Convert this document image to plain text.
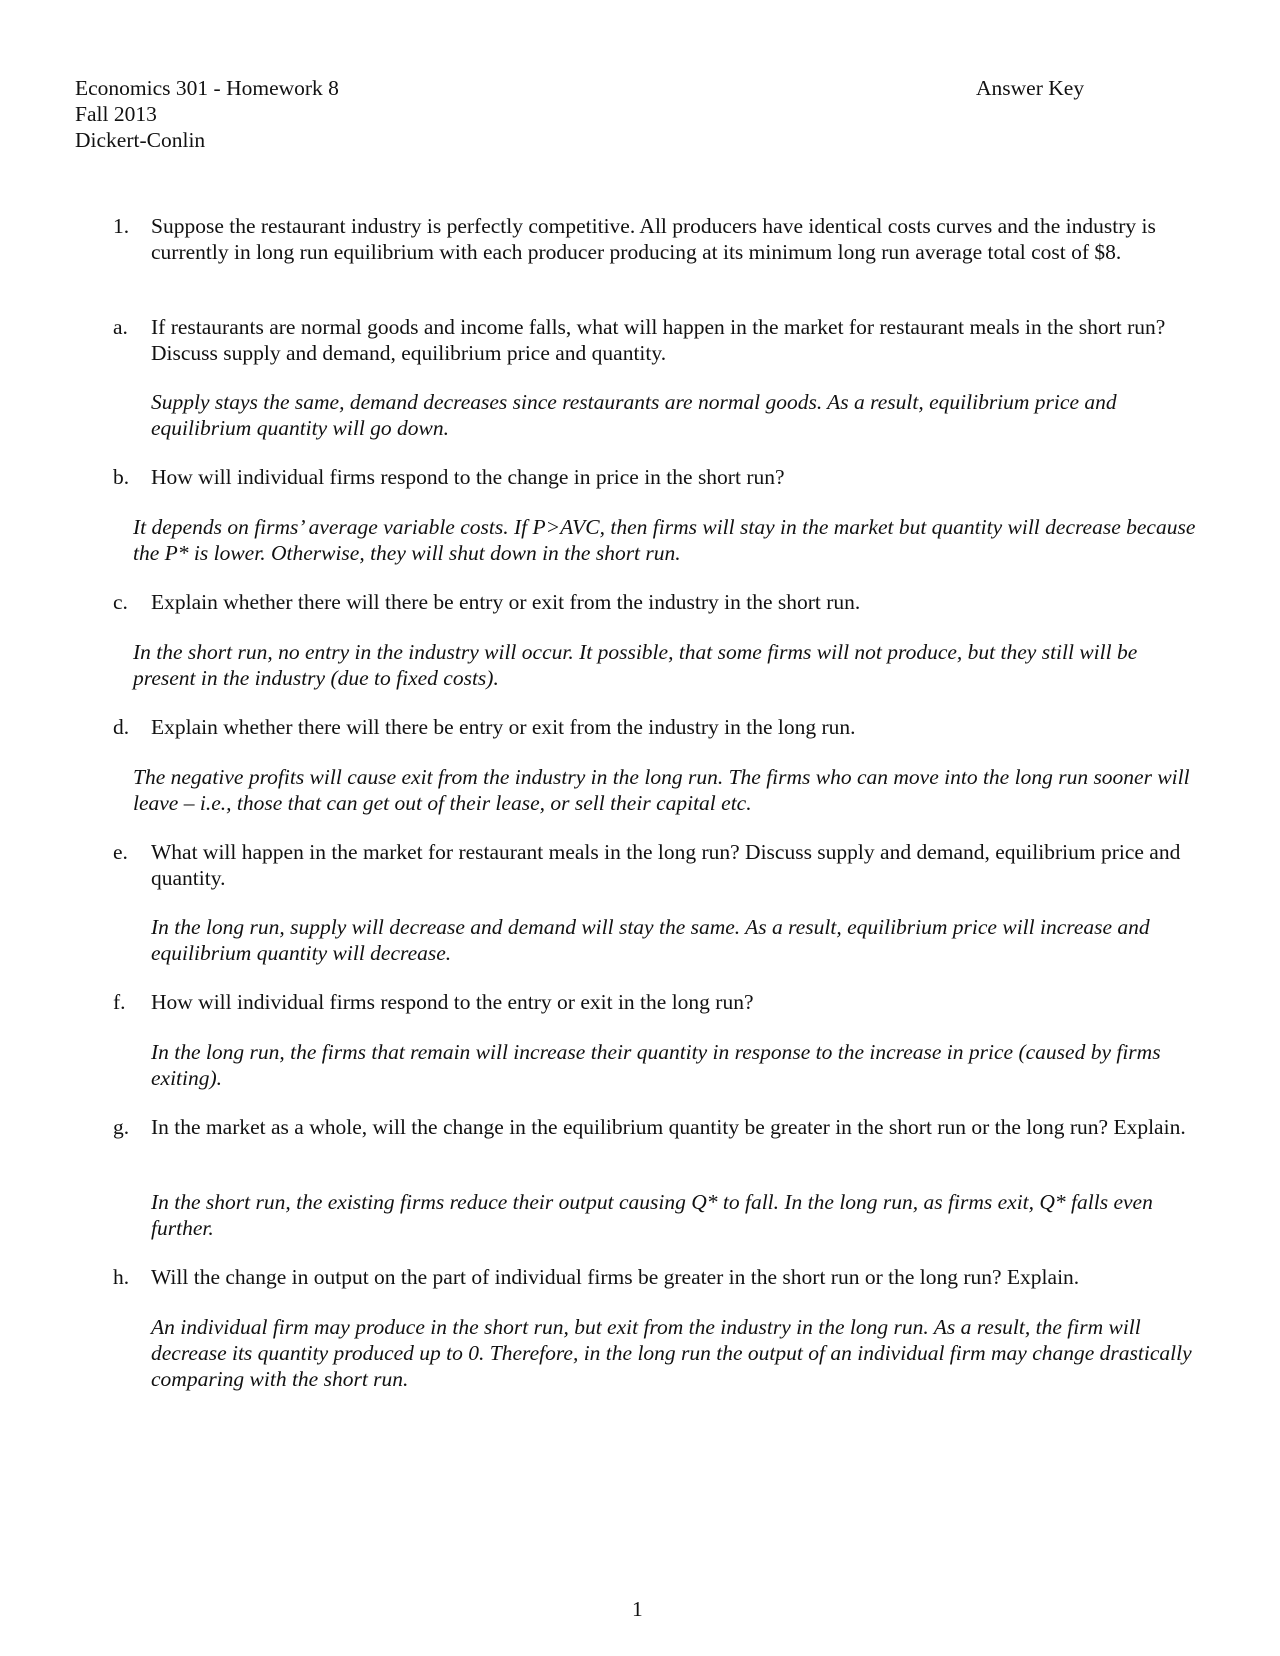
Economics 301 - Homework 8
Fall 2013
Dickert-Conlin
Answer Key
1. Suppose the restaurant industry is perfectly competitive. All producers have identical costs curves and the industry is currently in long run equilibrium with each producer producing at its minimum long run average total cost of $8.
a. If restaurants are normal goods and income falls, what will happen in the market for restaurant meals in the short run? Discuss supply and demand, equilibrium price and quantity.
Supply stays the same, demand decreases since restaurants are normal goods. As a result, equilibrium price and equilibrium quantity will go down.
b. How will individual firms respond to the change in price in the short run?
It depends on firms’ average variable costs. If P>AVC, then firms will stay in the market but quantity will decrease because the P* is lower. Otherwise, they will shut down in the short run.
c. Explain whether there will there be entry or exit from the industry in the short run.
In the short run, no entry in the industry will occur. It possible, that some firms will not produce, but they still will be present in the industry (due to fixed costs).
d. Explain whether there will there be entry or exit from the industry in the long run.
The negative profits will cause exit from the industry in the long run. The firms who can move into the long run sooner will leave – i.e., those that can get out of their lease, or sell their capital etc.
e. What will happen in the market for restaurant meals in the long run? Discuss supply and demand, equilibrium price and quantity.
In the long run, supply will decrease and demand will stay the same. As a result, equilibrium price will increase and equilibrium quantity will decrease.
f. How will individual firms respond to the entry or exit in the long run?
In the long run, the firms that remain will increase their quantity in response to the increase in price (caused by firms exiting).
g. In the market as a whole, will the change in the equilibrium quantity be greater in the short run or the long run? Explain.
In the short run, the existing firms reduce their output causing Q* to fall. In the long run, as firms exit, Q* falls even further.
h. Will the change in output on the part of individual firms be greater in the short run or the long run? Explain.
An individual firm may produce in the short run, but exit from the industry in the long run. As a result, the firm will decrease its quantity produced up to 0. Therefore, in the long run the output of an individual firm may change drastically comparing with the short run.
1
